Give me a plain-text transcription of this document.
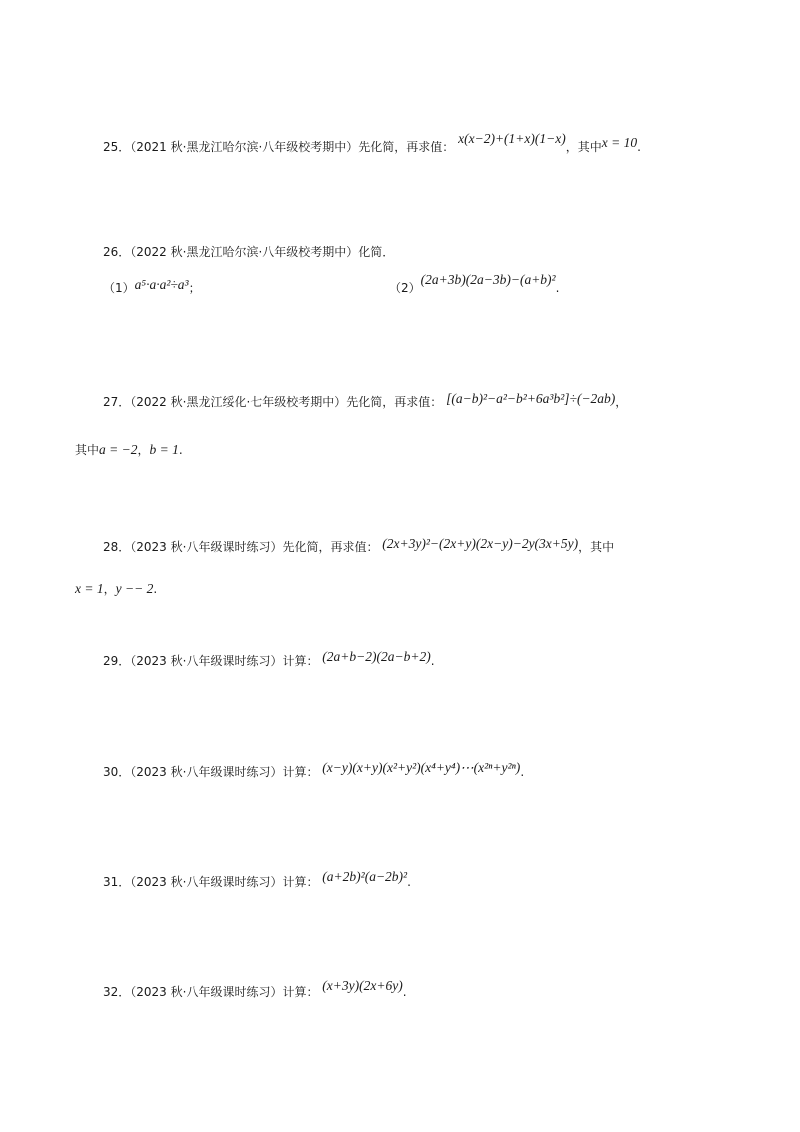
25．（2021 秋·黑龙江哈尔滨·八年级校考期中）先化简，再求值： x(x−2)+(1+x)(1−x)，其中x = 10.
26．（2022 秋·黑龙江哈尔滨·八年级校考期中）化简．
（1）a⁵·a·a²÷a³；	（2）(2a+3b)(2a−3b)−(a+b)².
27．（2022 秋·黑龙江绥化·七年级校考期中）先化简，再求值： [(a−b)²−a²−b²+6a³b²]÷(−2ab)，
其中a = −2，b = 1.
28．（2023 秋·八年级课时练习）先化简，再求值： (2x+3y)²−(2x+y)(2x−y)−2y(3x+5y)，其中
x = 1，y −− 2.
29．（2023 秋·八年级课时练习）计算： (2a+b−2)(2a−b+2).
30．（2023 秋·八年级课时练习）计算： (x−y)(x+y)(x²+y²)(x⁴+y⁴)⋯(x²ⁿ+y²ⁿ).
31．（2023 秋·八年级课时练习）计算： (a+2b)²(a−2b)².
32．（2023 秋·八年级课时练习）计算： (x+3y)(2x+6y).
